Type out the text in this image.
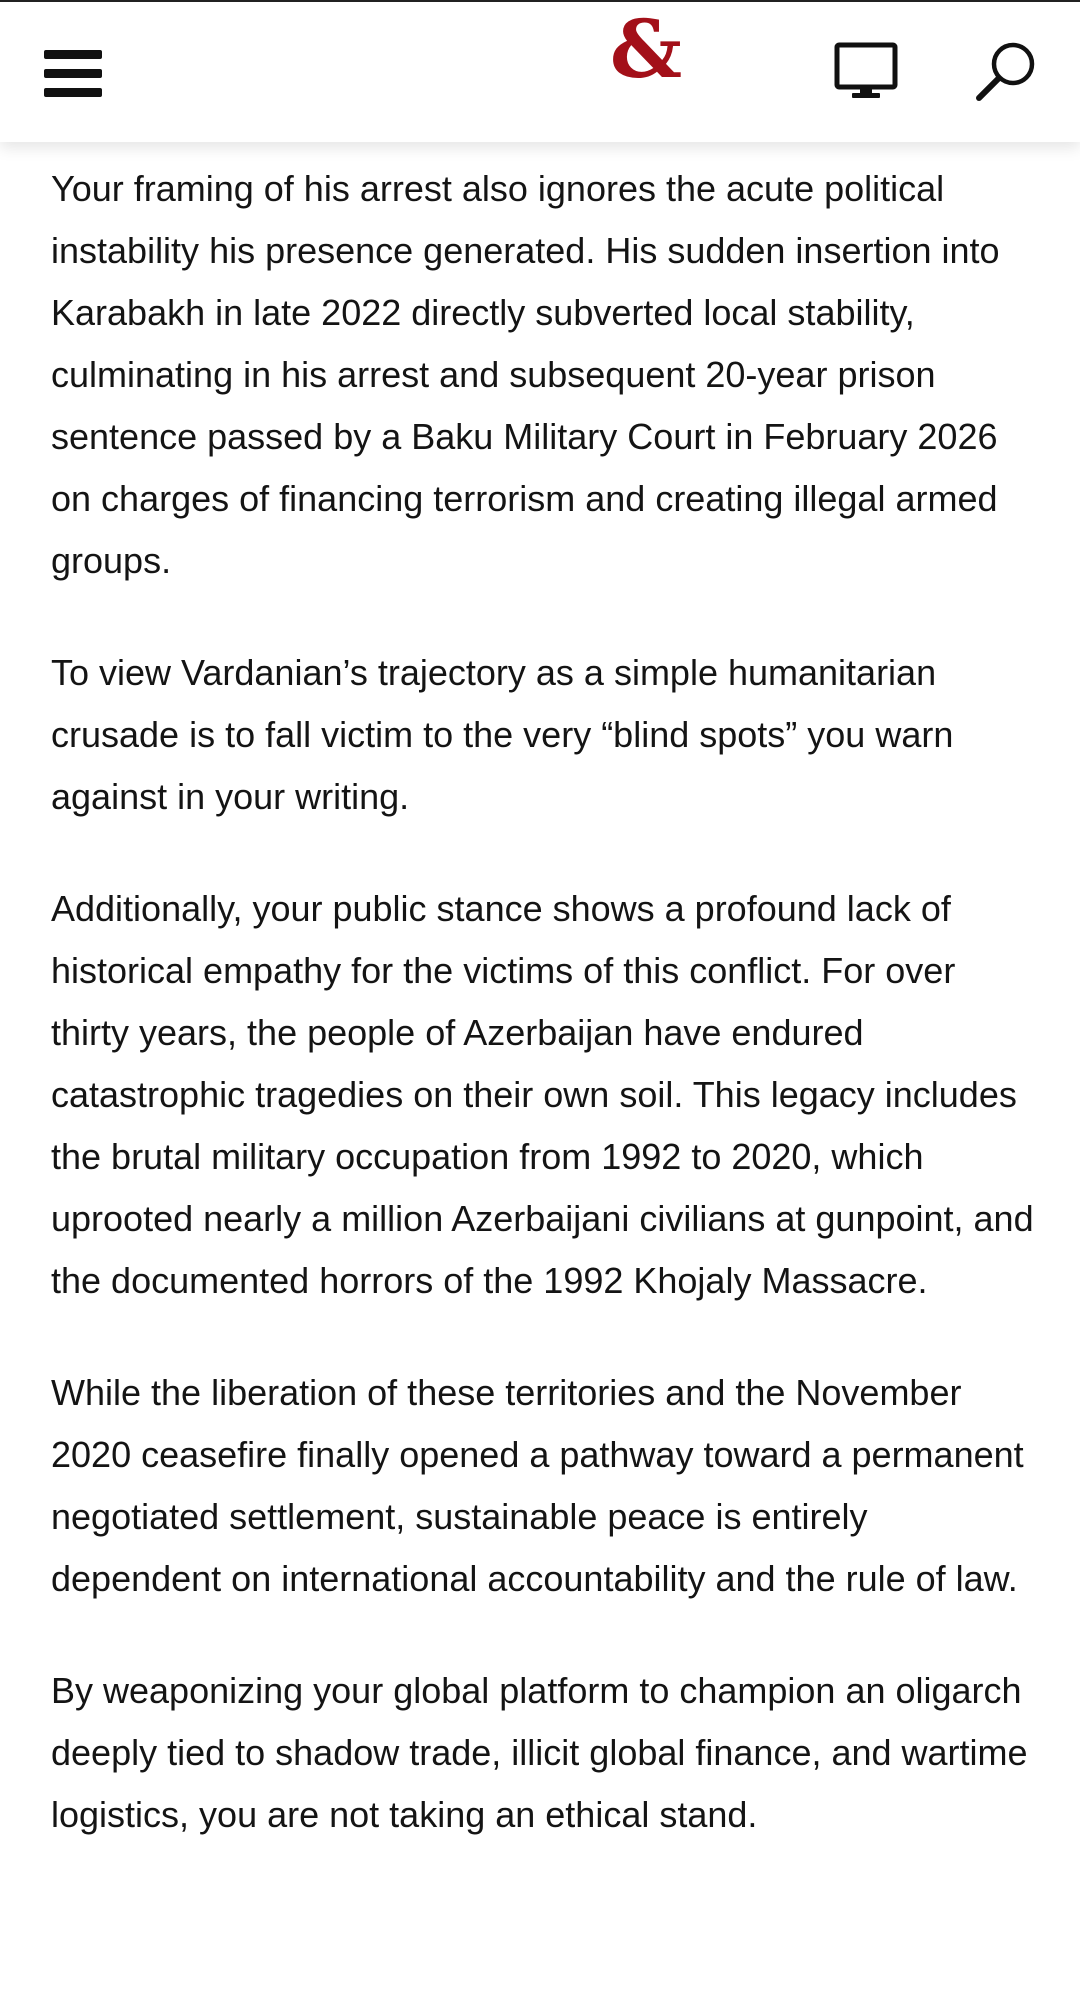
&

Your framing of his arrest also ignores the acute political instability his presence generated. His sudden insertion into Karabakh in late 2022 directly subverted local stability, culminating in his arrest and subsequent 20-year prison sentence passed by a Baku Military Court in February 2026 on charges of financing terrorism and creating illegal armed groups.

To view Vardanian’s trajectory as a simple humanitarian crusade is to fall victim to the very “blind spots” you warn against in your writing.

Additionally, your public stance shows a profound lack of historical empathy for the victims of this conflict. For over thirty years, the people of Azerbaijan have endured catastrophic tragedies on their own soil. This legacy includes the brutal military occupation from 1992 to 2020, which uprooted nearly a million Azerbaijani civilians at gunpoint, and the documented horrors of the 1992 Khojaly Massacre.

While the liberation of these territories and the November 2020 ceasefire finally opened a pathway toward a permanent negotiated settlement, sustainable peace is entirely dependent on international accountability and the rule of law.

By weaponizing your global platform to champion an oligarch deeply tied to shadow trade, illicit global finance, and wartime logistics, you are not taking an ethical stand.
